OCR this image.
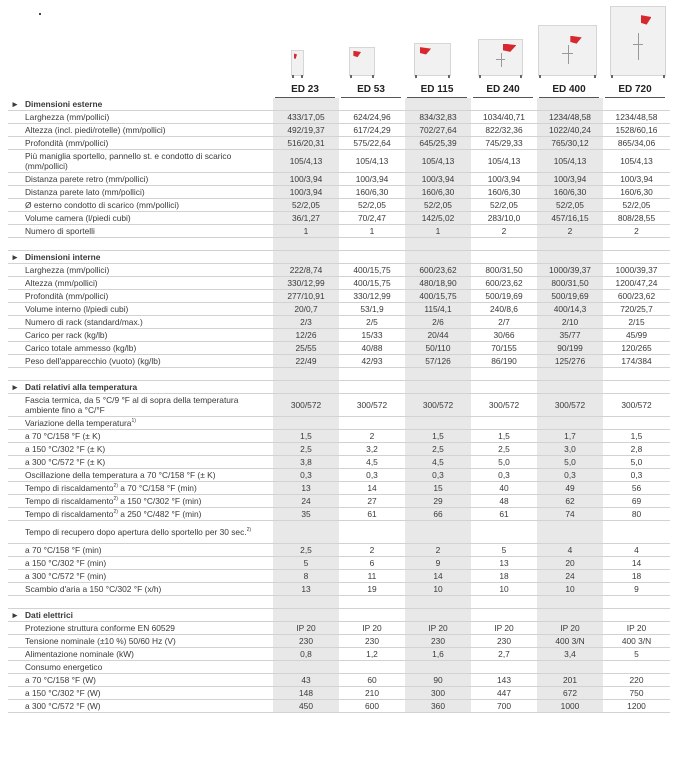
ED 23	ED 53	ED 115	ED 240	ED 400	ED 720
►	Dimensioni esterne						
	Larghezza (mm/pollici)	433/17,05	624/24,96	834/32,83	1034/40,71	1234/48,58	1234/48,58
	Altezza (incl. piedi/rotelle) (mm/pollici)	492/19,37	617/24,29	702/27,64	822/32,36	1022/40,24	1528/60,16
	Profondità (mm/pollici)	516/20,31	575/22,64	645/25,39	745/29,33	765/30,12	865/34,06
	Più maniglia sportello, pannello st. e condotto di scarico (mm/pollici)	105/4,13	105/4,13	105/4,13	105/4,13	105/4,13	105/4,13
	Distanza parete retro (mm/pollici)	100/3,94	100/3,94	100/3,94	100/3,94	100/3,94	100/3,94
	Distanza parete lato (mm/pollici)	100/3,94	160/6,30	160/6,30	160/6,30	160/6,30	160/6,30
	Ø esterno condotto di scarico (mm/pollici)	52/2,05	52/2,05	52/2,05	52/2,05	52/2,05	52/2,05
	Volume camera (l/piedi cubi)	36/1,27	70/2,47	142/5,02	283/10,0	457/16,15	808/28,55
	Numero di sportelli	1	1	1	2	2	2

►	Dimensioni interne						
	Larghezza (mm/pollici)	222/8,74	400/15,75	600/23,62	800/31,50	1000/39,37	1000/39,37
	Altezza (mm/pollici)	330/12,99	400/15,75	480/18,90	600/23,62	800/31,50	1200/47,24
	Profondità (mm/pollici)	277/10,91	330/12,99	400/15,75	500/19,69	500/19,69	600/23,62
	Volume interno (l/piedi cubi)	20/0,7	53/1,9	115/4,1	240/8,6	400/14,3	720/25,7
	Numero di rack (standard/max.)	2/3	2/5	2/6	2/7	2/10	2/15
	Carico per rack (kg/lb)	12/26	15/33	20/44	30/66	35/77	45/99
	Carico totale ammesso (kg/lb)	25/55	40/88	50/110	70/155	90/199	120/265
	Peso dell'apparecchio (vuoto) (kg/lb)	22/49	42/93	57/126	86/190	125/276	174/384

►	Dati relativi alla temperatura						
	Fascia termica, da 5 °C/9 °F al di sopra della temperatura ambiente fino a °C/°F	300/572	300/572	300/572	300/572	300/572	300/572
	Variazione della temperatura$^{1)}$						
	a 70 °C/158 °F (± K)	1,5	2	1,5	1,5	1,7	1,5
	a 150 °C/302 °F (± K)	2,5	3,2	2,5	2,5	3,0	2,8
	a 300 °C/572 °F (± K)	3,8	4,5	4,5	5,0	5,0	5,0
	Oscillazione della temperatura a 70 °C/158 °F (± K)	0,3	0,3	0,3	0,3	0,3	0,3
	Tempo di riscaldamento$^{2)}$ a 70 °C/158 °F (min)	13	14	15	40	49	56
	Tempo di riscaldamento$^{2)}$ a 150 °C/302 °F (min)	24	27	29	48	62	69
	Tempo di riscaldamento$^{2)}$ a 250 °C/482 °F (min)	35	61	66	61	74	80
	Tempo di recupero dopo apertura dello sportello per 30 sec.$^{2)}$						
	a 70 °C/158 °F (min)	2,5	2	2	5	4	4
	a 150 °C/302 °F (min)	5	6	9	13	20	14
	a 300 °C/572 °F (min)	8	11	14	18	24	18
	Scambio d'aria a 150 °C/302 °F (x/h)	13	19	10	10	10	9

►	Dati elettrici						
	Protezione struttura conforme EN 60529	IP 20	IP 20	IP 20	IP 20	IP 20	IP 20
	Tensione nominale (±10 %) 50/60 Hz (V)	230	230	230	230	400 3/N	400 3/N
	Alimentazione nominale (kW)	0,8	1,2	1,6	2,7	3,4	5
	Consumo energetico						
	a 70 °C/158 °F (W)	43	60	90	143	201	220
	a 150 °C/302 °F (W)	148	210	300	447	672	750
	a 300 °C/572 °F (W)	450	600	360	700	1000	1200
